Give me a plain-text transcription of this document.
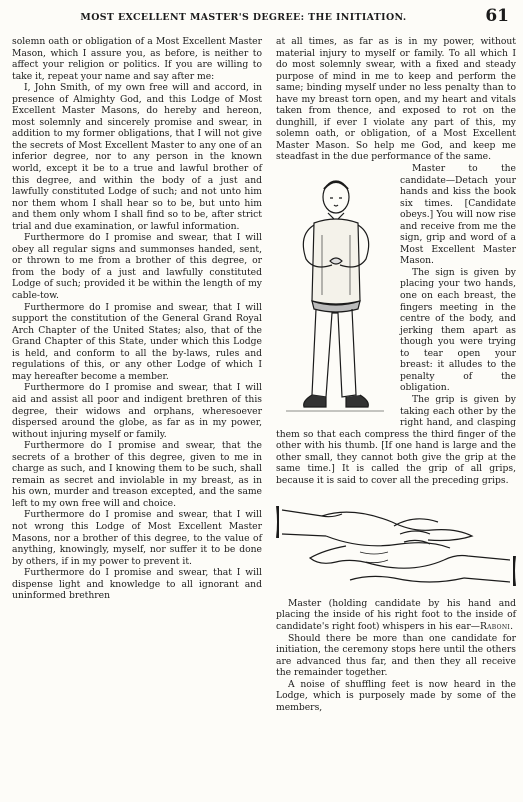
MOST EXCELLENT MASTER'S DEGREE: THE INITIATION.	61

solemn oath or obligation of a Most Excellent Master Mason, which I assure you, as before, is neither to affect your religion or politics. If you are willing to take it, repeat your name and say after me:

I, John Smith, of my own free will and accord, in presence of Almighty God, and this Lodge of Most Excellent Master Masons, do hereby and hereon, most solemnly and sincerely promise and swear, in addition to my former obligations, that I will not give the secrets of Most Excellent Master to any one of an inferior degree, nor to any person in the known world, except it be to a true and lawful brother of this degree, and within the body of a just and lawfully constituted Lodge of such; and not unto him nor them whom I shall hear so to be, but unto him and them only whom I shall find so to be, after strict trial and due examination, or lawful information.

Furthermore do I promise and swear, that I will obey all regular signs and summonses handed, sent, or thrown to me from a brother of this degree, or from the body of a just and lawfully constituted Lodge of such; provided it be within the length of my cable-tow.

Furthermore do I promise and swear, that I will support the constitution of the General Grand Royal Arch Chapter of the United States; also, that of the Grand Chapter of this State, under which this Lodge is held, and conform to all the by-laws, rules and regulations of this, or any other Lodge of which I may hereafter become a member.

Furthermore do I promise and swear, that I will aid and assist all poor and indigent brethren of this degree, their widows and orphans, wheresoever dispersed around the globe, as far as in my power, without injuring myself or family.

Furthermore do I promise and swear, that the secrets of a brother of this degree, given to me in charge as such, and I knowing them to be such, shall remain as secret and inviolable in my breast, as in his own, murder and treason excepted, and the same left to my own free will and choice.

Furthermore do I promise and swear, that I will not wrong this Lodge of Most Excellent Master Masons, nor a brother of this degree, to the value of anything, knowingly, myself, nor suffer it to be done by others, if in my power to prevent it.

Furthermore do I promise and swear, that I will dispense light and knowledge to all ignorant and uninformed brethren

at all times, as far as is in my power, without material injury to myself or family. To all which I do most solemnly swear, with a fixed and steady purpose of mind in me to keep and perform the same; binding myself under no less penalty than to have my breast torn open, and my heart and vitals taken from thence, and exposed to rot on the dunghill, if ever I violate any part of this, my solemn oath, or obligation, of a Most Excellent Master Mason. So help me God, and keep me steadfast in the due performance of the same.

Master to the candidate—Detach your hands and kiss the book six times. [Candidate obeys.] You will now rise and receive from me the sign, grip and word of a Most Excellent Master Mason.

The sign is given by placing your two hands, one on each breast, the fingers meeting in the centre of the body, and jerking them apart as though you were trying to tear open your breast: it alludes to the penalty of the obligation.

The grip is given by taking each other by the right hand, and clasping them so that each compress the third finger of the other with his thumb. [If one hand is large and the other small, they cannot both give the grip at the same time.] It is called the grip of all grips, because it is said to cover all the preceding grips.

Master (holding candidate by his hand and placing the inside of his right foot to the inside of candidate's right foot) whispers in his ear—Raboni.

Should there be more than one candidate for initiation, the ceremony stops here until the others are advanced thus far, and then they all receive the remainder together.

A noise of shuffling feet is now heard in the Lodge, which is purposely made by some of the members,
